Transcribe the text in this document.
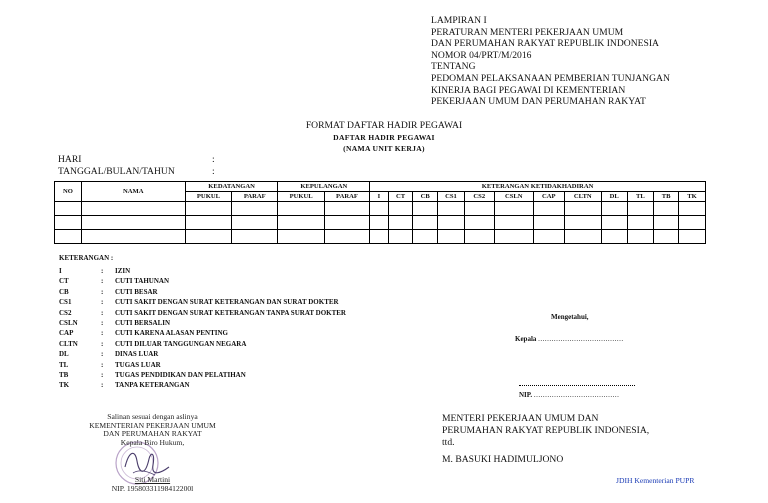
LAMPIRAN I
PERATURAN MENTERI PEKERJAAN UMUM
DAN PERUMAHAN RAKYAT REPUBLIK INDONESIA
NOMOR 04/PRT/M/2016
TENTANG
PEDOMAN PELAKSANAAN PEMBERIAN TUNJANGAN
KINERJA BAGI PEGAWAI DI KEMENTERIAN
PEKERJAAN UMUM DAN PERUMAHAN RAKYAT
FORMAT DAFTAR HADIR PEGAWAI
DAFTAR HADIR PEGAWAI
(NAMA UNIT KERJA)
HARI	:
TANGGAL/BULAN/TAHUN	:
NO	NAMA	KEDATANGAN		KEPULANGAN		KETERANGAN KETIDAKHADIRAN											
		PUKUL	PARAF	PUKUL	PARAF	I	CT	CB	CS1	CS2	CSLN	CAP	CLTN	DL	TL	TB	TK

KETERANGAN :
I	: IZIN
CT	: CUTI TAHUNAN
CB	: CUTI BESAR
CS1	: CUTI SAKIT DENGAN SURAT KETERANGAN DAN SURAT DOKTER
CS2	: CUTI SAKIT DENGAN SURAT KETERANGAN TANPA SURAT DOKTER
CSLN	: CUTI BERSALIN
CAP	: CUTI KARENA ALASAN PENTING
CLTN	: CUTI DILUAR TANGGUNGAN NEGARA
DL	: DINAS LUAR
TL	: TUGAS LUAR
TB	: TUGAS PENDIDIKAN DAN PELATIHAN
TK	: TANPA KETERANGAN
Mengetahui,
Kepala ......................................
NIP. ......................................
Salinan sesuai dengan aslinya
KEMENTERIAN PEKERJAAN UMUM
DAN PERUMAHAN RAKYAT
Kepala Biro Hukum,
Siti Martini
NIP. 19580331198412200l
MENTERI PEKERJAAN UMUM DAN
PERUMAHAN RAKYAT REPUBLIK INDONESIA,
ttd.
M. BASUKI HADIMULJONO
JDIH Kementerian PUPR
